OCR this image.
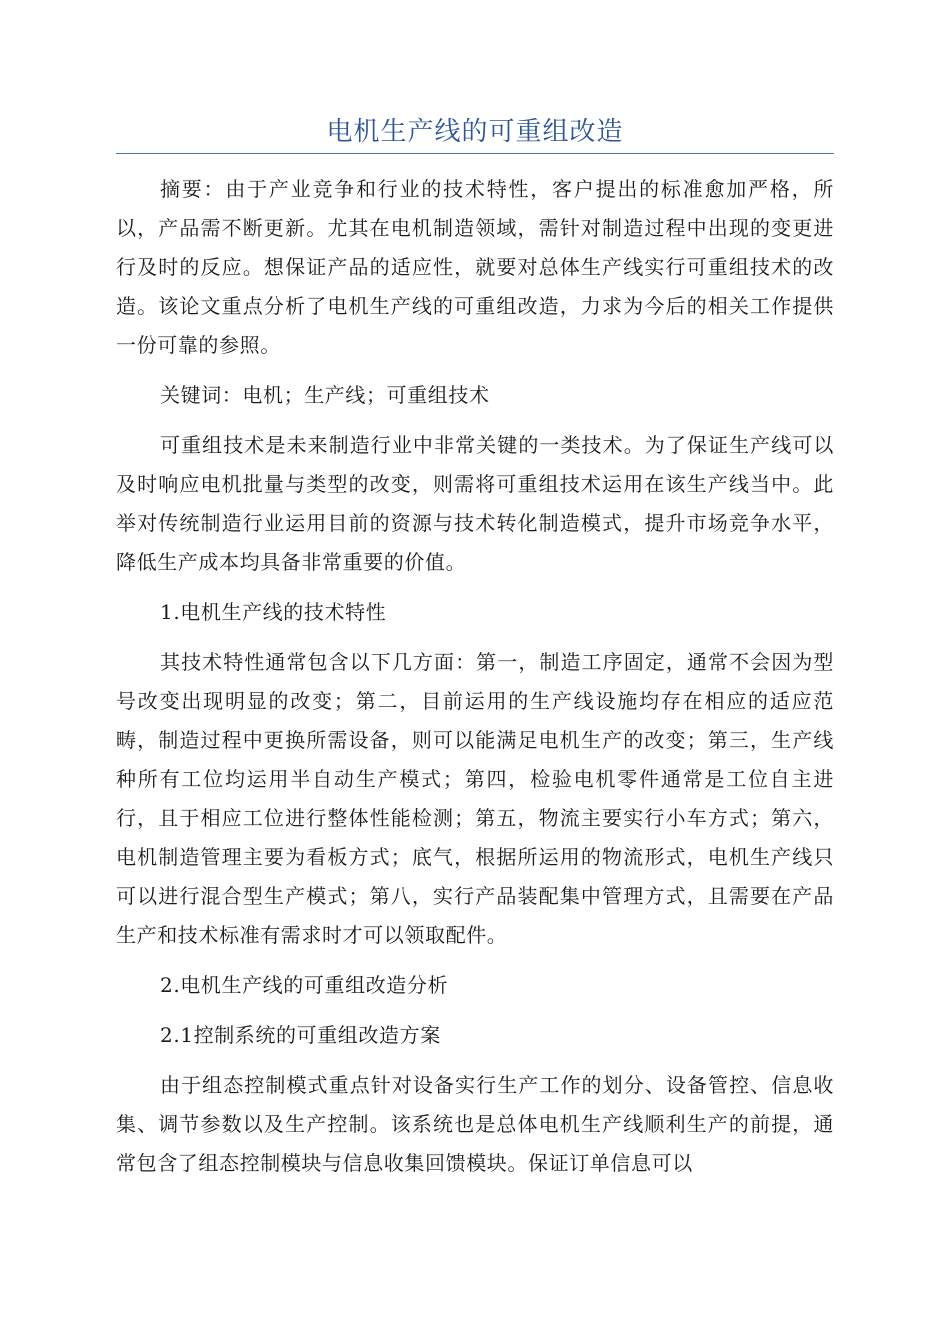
电机生产线的可重组改造

摘要：由于产业竞争和行业的技术特性，客户提出的标准愈加严格，所以，产品需不断更新。尤其在电机制造领域，需针对制造过程中出现的变更进行及时的反应。想保证产品的适应性，就要对总体生产线实行可重组技术的改造。该论文重点分析了电机生产线的可重组改造，力求为今后的相关工作提供一份可靠的参照。

关键词：电机；生产线；可重组技术

可重组技术是未来制造行业中非常关键的一类技术。为了保证生产线可以及时响应电机批量与类型的改变，则需将可重组技术运用在该生产线当中。此举对传统制造行业运用目前的资源与技术转化制造模式，提升市场竞争水平，降低生产成本均具备非常重要的价值。

1.电机生产线的技术特性

其技术特性通常包含以下几方面：第一，制造工序固定，通常不会因为型号改变出现明显的改变；第二，目前运用的生产线设施均存在相应的适应范畴，制造过程中更换所需设备，则可以能满足电机生产的改变；第三，生产线种所有工位均运用半自动生产模式；第四，检验电机零件通常是工位自主进行，且于相应工位进行整体性能检测；第五，物流主要实行小车方式；第六，电机制造管理主要为看板方式；底气，根据所运用的物流形式，电机生产线只可以进行混合型生产模式；第八，实行产品装配集中管理方式，且需要在产品生产和技术标准有需求时才可以领取配件。

2.电机生产线的可重组改造分析

2.1控制系统的可重组改造方案

由于组态控制模式重点针对设备实行生产工作的划分、设备管控、信息收集、调节参数以及生产控制。该系统也是总体电机生产线顺利生产的前提，通常包含了组态控制模块与信息收集回馈模块。保证订单信息可以
